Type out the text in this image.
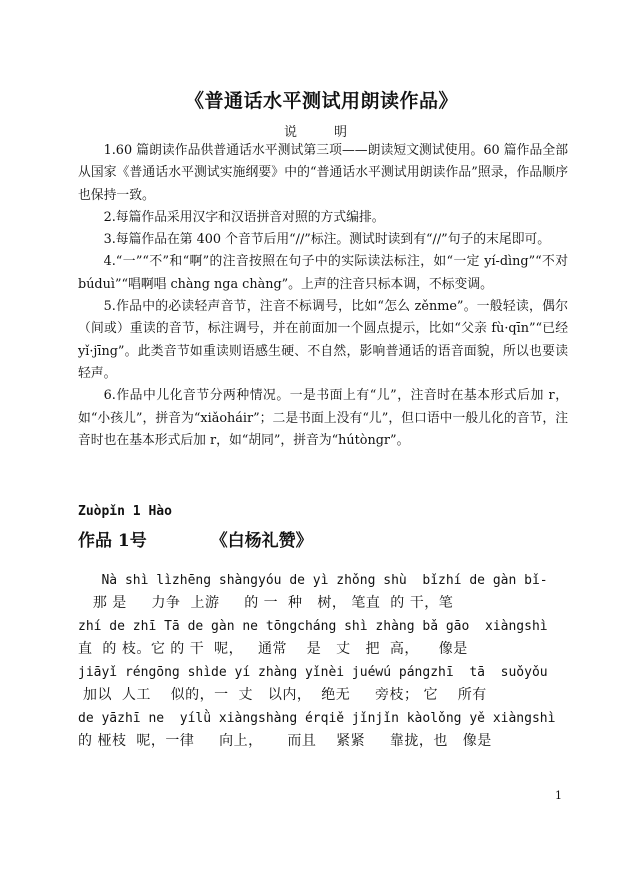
《普通话水平测试用朗读作品》
说　明

1.60 篇朗读作品供普通话水平测试第三项——朗读短文测试使用。60 篇作品全部从国家《普通话水平测试实施纲要》中的“普通话水平测试用朗读作品”照录，作品顺序也保持一致。

2.每篇作品采用汉字和汉语拼音对照的方式编排。

3.每篇作品在第 400 个音节后用“//”标注。测试时读到有“//”句子的末尾即可。

4.“一”“不”和“啊”的注音按照在句子中的实际读法标注，如“一定 yí-dìng”“不对 búduì”“唱啊唱 chàng nga chàng”。上声的注音只标本调，不标变调。

5.作品中的必读轻声音节，注音不标调号，比如“怎么 zěnme”。一般轻读，偶尔（间或）重读的音节，标注调号，并在前面加一个圆点提示，比如“父亲 fù·qīn”“已经 yǐ·jīng”。此类音节如重读则语感生硬、不自然，影响普通话的语音面貌，所以也要读轻声。

6.作品中儿化音节分两种情况。一是书面上有“儿”，注音时在基本形式后加 r，如“小孩儿”，拼音为“xiǎoháir”；二是书面上没有“儿”，但口语中一般儿化的音节，注音时也在基本形式后加 r，如“胡同”，拼音为“hútòngr”。

Zuòpǐn 1 Hào
作品 1号	《白杨礼赞》
Nà shì lìzhēng shàngyóu de yì zhǒng shù  bǐzhí de gàn bǐ-
那 是     力争  上游     的 一  种   树， 笔直  的 干，笔
zhí de zhī Tā de gàn ne tōngcháng shì zhàng bǎ gāo  xiàngshì
直  的 枝。它 的 干  呢，   通常    是   丈   把  高，    像是
jiāyǐ réngōng shìde yí zhàng yǐnèi juéwú pángzhī  tā  suǒyǒu
加以  人工    似的，一  丈   以内，  绝无     旁枝； 它    所有
de yāzhī ne  yílǜ xiàngshàng érqiě jǐnjǐn kàolǒng yě xiàngshì
的 桠枝  呢，一律     向上，     而且    紧紧     靠拢，也   像是
1
